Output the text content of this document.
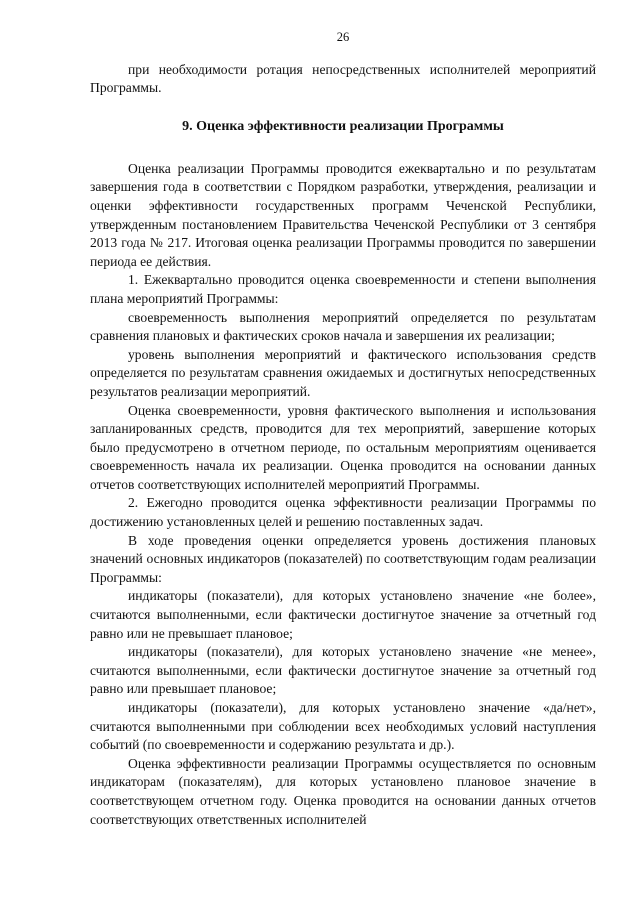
26

при необходимости ротация непосредственных исполнителей мероприятий Программы.

9. Оценка эффективности реализации Программы

Оценка реализации Программы проводится ежеквартально и по результатам завершения года в соответствии с Порядком разработки, утверждения, реализации и оценки эффективности государственных программ Чеченской Республики, утвержденным постановлением Правительства Чеченской Республики от 3 сентября 2013 года № 217. Итоговая оценка реализации Программы проводится по завершении периода ее действия.

1. Ежеквартально проводится оценка своевременности и степени выполнения плана мероприятий Программы:

своевременность выполнения мероприятий определяется по результатам сравнения плановых и фактических сроков начала и завершения их реализации;

уровень выполнения мероприятий и фактического использования средств определяется по результатам сравнения ожидаемых и достигнутых непосредственных результатов реализации мероприятий.

Оценка своевременности, уровня фактического выполнения и использования запланированных средств, проводится для тех мероприятий, завершение которых было предусмотрено в отчетном периоде, по остальным мероприятиям оценивается своевременность начала их реализации. Оценка проводится на основании данных отчетов соответствующих исполнителей мероприятий Программы.

2. Ежегодно проводится оценка эффективности реализации Программы по достижению установленных целей и решению поставленных задач.

В ходе проведения оценки определяется уровень достижения плановых значений основных индикаторов (показателей) по соответствующим годам реализации Программы:

индикаторы (показатели), для которых установлено значение «не более», считаются выполненными, если фактически достигнутое значение за отчетный год равно или не превышает плановое;

индикаторы (показатели), для которых установлено значение «не менее», считаются выполненными, если фактически достигнутое значение за отчетный год равно или превышает плановое;

индикаторы (показатели), для которых установлено значение «да/нет», считаются выполненными при соблюдении всех необходимых условий наступления событий (по своевременности и содержанию результата и др.).

Оценка эффективности реализации Программы осуществляется по основным индикаторам (показателям), для которых установлено плановое значение в соответствующем отчетном году. Оценка проводится на основании данных отчетов соответствующих ответственных исполнителей
